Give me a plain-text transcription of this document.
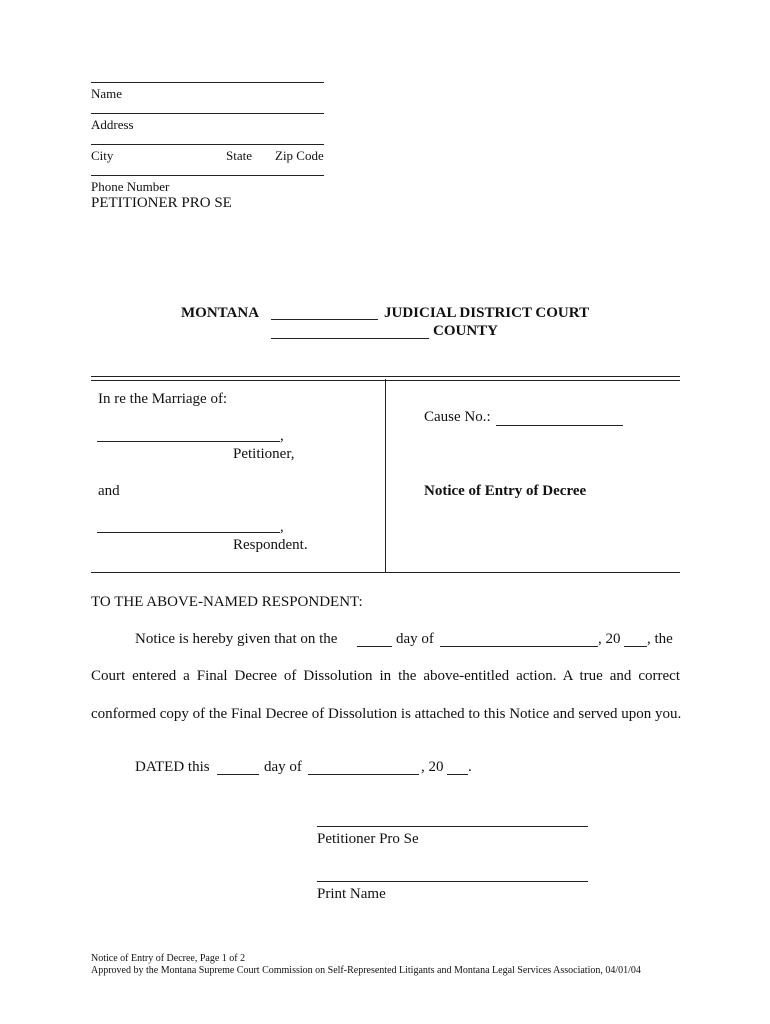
Name
Address
City	State Zip Code
Phone Number
PETITIONER PRO SE
MONTANA	JUDICIAL DISTRICT COURT
COUNTY
In re the Marriage of:
,
Petitioner,
and
,
Respondent.
Cause No.:
Notice of Entry of Decree
TO THE ABOVE-NAMED RESPONDENT:
Notice is hereby given that on the	day of	, 20 , the
Court entered a Final Decree of Dissolution in the above-entitled action. A true and correct
conformed copy of the Final Decree of Dissolution is attached to this Notice and served upon you.
DATED this	day of	, 20 .
Petitioner Pro Se
Print Name
Notice of Entry of Decree, Page 1 of 2
Approved by the Montana Supreme Court Commission on Self-Represented Litigants and Montana Legal Services Association, 04/01/04
